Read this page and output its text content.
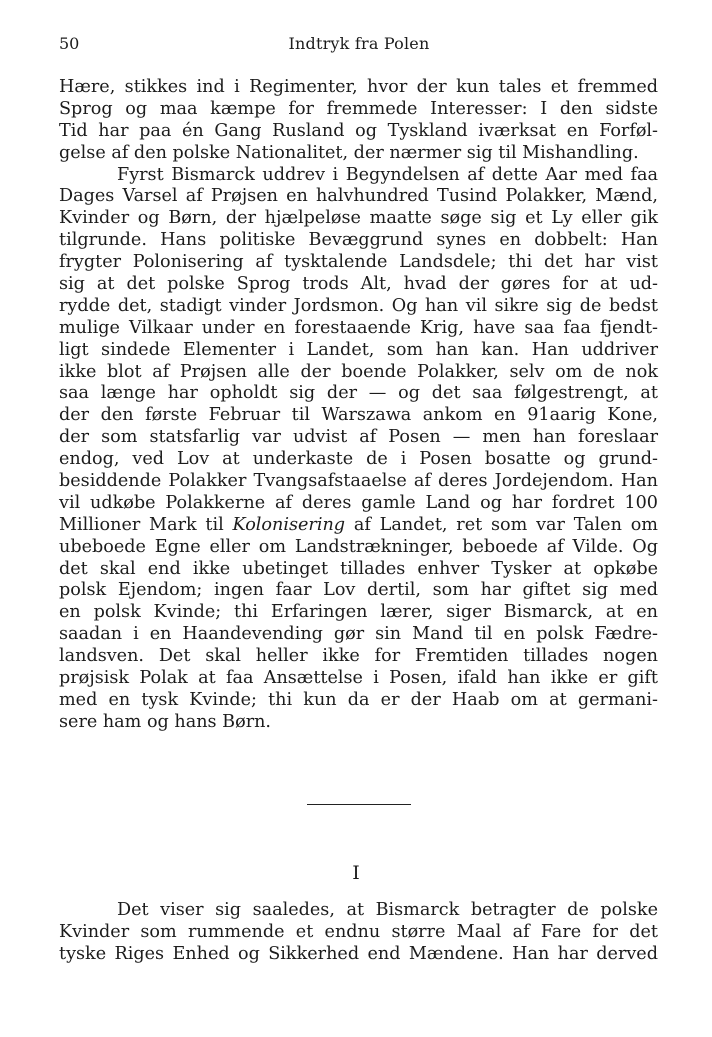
50	Indtryk fra Polen
Hære, stikkes ind i Regimenter, hvor der kun tales et fremmed
Sprog og maa kæmpe for fremmede Interesser: I den sidste
Tid har paa én Gang Rusland og Tyskland iværksat en Forføl-
gelse af den polske Nationalitet, der nærmer sig til Mishandling.
Fyrst Bismarck uddrev i Begyndelsen af dette Aar med faa
Dages Varsel af Prøjsen en halvhundred Tusind Polakker, Mænd,
Kvinder og Børn, der hjælpeløse maatte søge sig et Ly eller gik
tilgrunde. Hans politiske Bevæggrund synes en dobbelt: Han
frygter Polonisering af tysktalende Landsdele; thi det har vist
sig at det polske Sprog trods Alt, hvad der gøres for at ud-
rydde det, stadigt vinder Jordsmon. Og han vil sikre sig de bedst
mulige Vilkaar under en forestaaende Krig, have saa faa fjendt-
ligt sindede Elementer i Landet, som han kan. Han uddriver
ikke blot af Prøjsen alle der boende Polakker, selv om de nok
saa længe har opholdt sig der — og det saa følgestrengt, at
der den første Februar til Warszawa ankom en 91aarig Kone,
der som statsfarlig var udvist af Posen — men han foreslaar
endog, ved Lov at underkaste de i Posen bosatte og grund-
besiddende Polakker Tvangsafstaaelse af deres Jordejendom. Han
vil udkøbe Polakkerne af deres gamle Land og har fordret 100
Millioner Mark til Kolonisering af Landet, ret som var Talen om
ubeboede Egne eller om Landstrækninger, beboede af Vilde. Og
det skal end ikke ubetinget tillades enhver Tysker at opkøbe
polsk Ejendom; ingen faar Lov dertil, som har giftet sig med
en polsk Kvinde; thi Erfaringen lærer, siger Bismarck, at en
saadan i en Haandevending gør sin Mand til en polsk Fædre-
landsven. Det skal heller ikke for Fremtiden tillades nogen
prøjsisk Polak at faa Ansættelse i Posen, ifald han ikke er gift
med en tysk Kvinde; thi kun da er der Haab om at germani-
sere ham og hans Børn.
I
Det viser sig saaledes, at Bismarck betragter de polske
Kvinder som rummende et endnu større Maal af Fare for det
tyske Riges Enhed og Sikkerhed end Mændene. Han har derved
